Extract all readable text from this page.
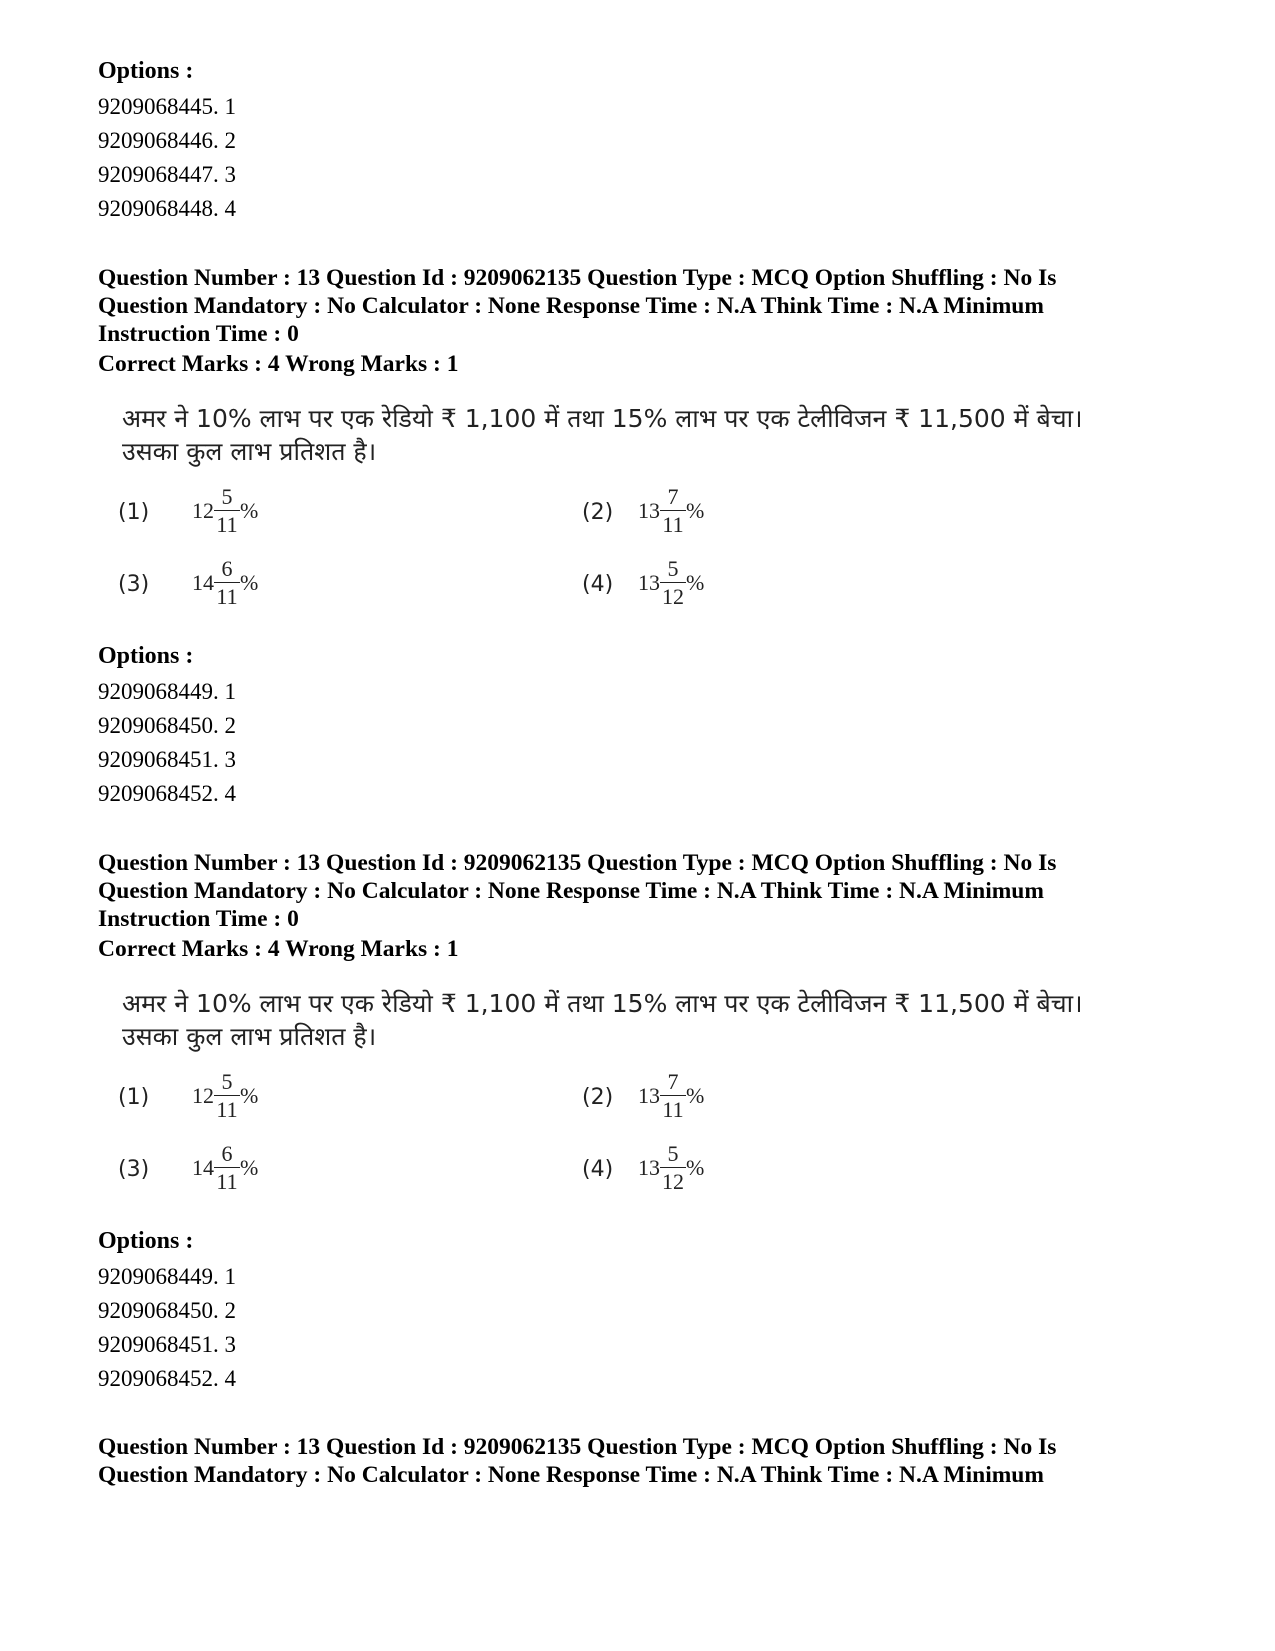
Options :

9209068445. 1
9209068446. 2
9209068447. 3
9209068448. 4

Question Number : 13 Question Id : 9209062135 Question Type : MCQ Option Shuffling : No Is
Question Mandatory : No Calculator : None Response Time : N.A Think Time : N.A Minimum
Instruction Time : 0

Correct Marks : 4 Wrong Marks : 1

अमर ने 10% लाभ पर एक रेडियो ₹ 1,100 में तथा 15% लाभ पर एक टेलीविजन ₹ 11,500 में बेचा।
उसका कुल लाभ प्रतिशत है।
(1) 12
5
11
%	(2) 13
7
11
%
(3) 14
6
11
%	(4) 13
5
12
%

Options :

9209068449. 1
9209068450. 2
9209068451. 3
9209068452. 4

Question Number : 13 Question Id : 9209062135 Question Type : MCQ Option Shuffling : No Is
Question Mandatory : No Calculator : None Response Time : N.A Think Time : N.A Minimum
Instruction Time : 0

Correct Marks : 4 Wrong Marks : 1

अमर ने 10% लाभ पर एक रेडियो ₹ 1,100 में तथा 15% लाभ पर एक टेलीविजन ₹ 11,500 में बेचा।
उसका कुल लाभ प्रतिशत है।
(1) 12
5
11
%	(2) 13
7
11
%
(3) 14
6
11
%	(4) 13
5
12
%

Options :

9209068449. 1
9209068450. 2
9209068451. 3
9209068452. 4

Question Number : 13 Question Id : 9209062135 Question Type : MCQ Option Shuffling : No Is
Question Mandatory : No Calculator : None Response Time : N.A Think Time : N.A Minimum
